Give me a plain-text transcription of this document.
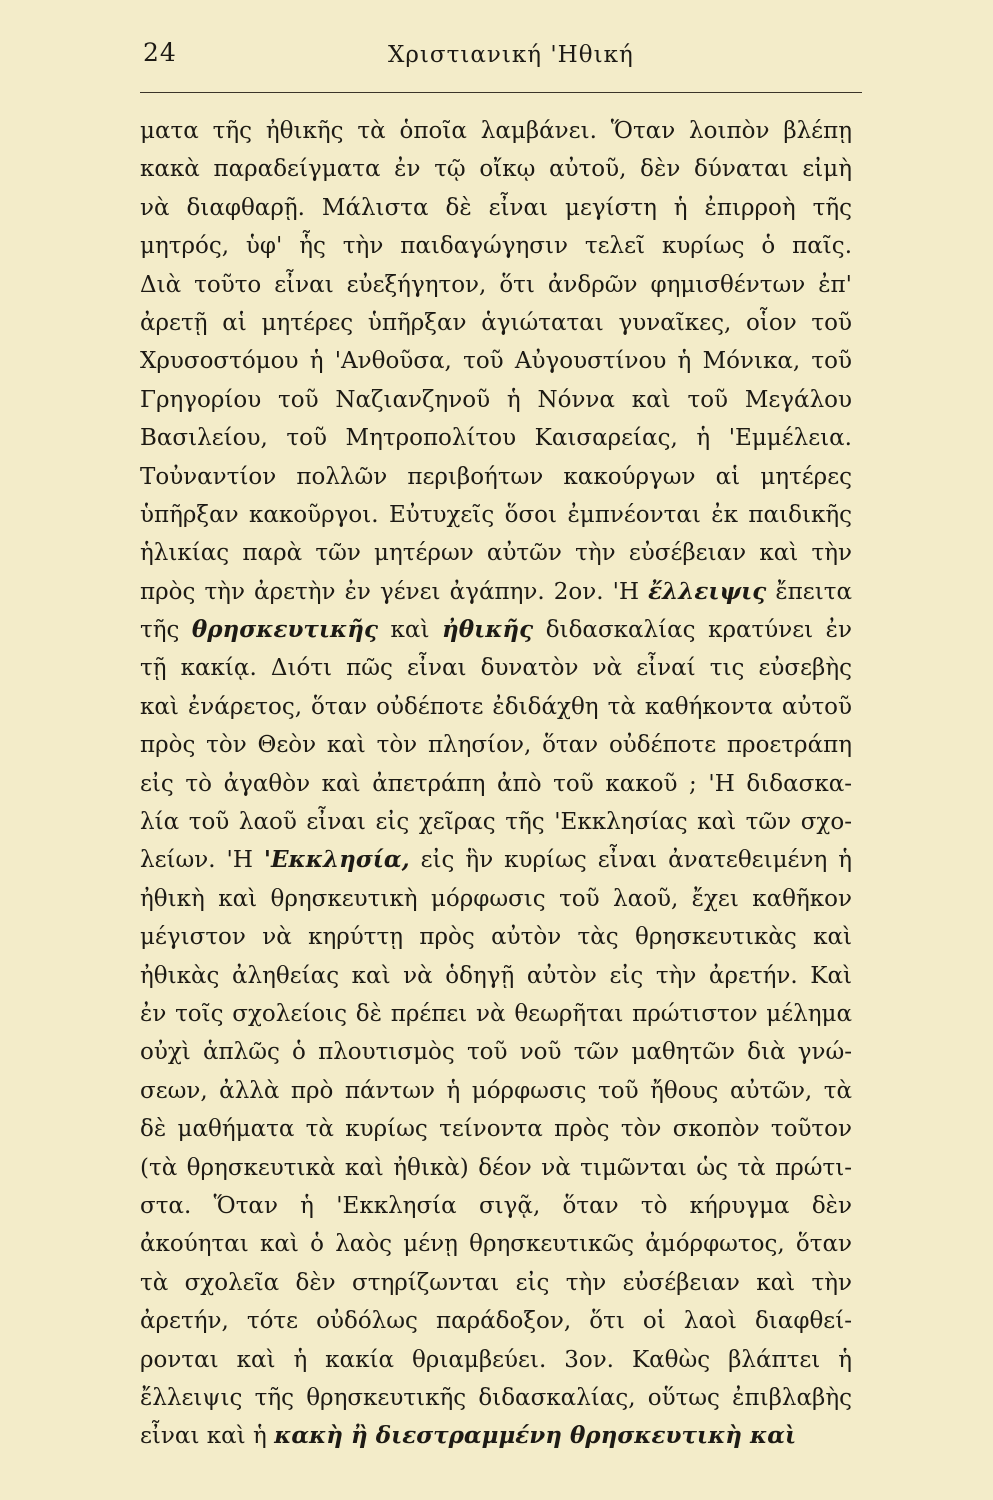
24	Χριστιανική 'Ηθική
ματα τῆς ἠθικῆς τὰ ὁποῖα λαμβάνει. Ὅταν λοιπὸν βλέπῃ
κακὰ παραδείγματα ἐν τῷ οἴκῳ αὐτοῦ, δὲν δύναται εἰμὴ
νὰ διαφθαρῇ. Μάλιστα δὲ εἶναι μεγίστη ἡ ἐπιρροὴ τῆς
μητρός, ὑφ' ἧς τὴν παιδαγώγησιν τελεῖ κυρίως ὁ παῖς.
Διὰ τοῦτο εἶναι εὐεξήγητον, ὅτι ἀνδρῶν φημισθέντων ἐπ'
ἀρετῇ αἱ μητέρες ὑπῆρξαν ἁγιώταται γυναῖκες, οἷον τοῦ
Χρυσοστόμου ἡ 'Ανθοῦσα, τοῦ Αὐγουστίνου ἡ Μόνικα, τοῦ
Γρηγορίου τοῦ Ναζιανζηνοῦ ἡ Νόννα καὶ τοῦ Μεγάλου
Βασιλείου, τοῦ Μητροπολίτου Καισαρείας, ἡ 'Εμμέλεια.
Τοὐναντίον πολλῶν περιβοήτων κακούργων αἱ μητέρες
ὑπῆρξαν κακοῦργοι. Εὐτυχεῖς ὅσοι ἐμπνέονται ἐκ παιδικῆς
ἡλικίας παρὰ τῶν μητέρων αὐτῶν τὴν εὐσέβειαν καὶ τὴν
πρὸς τὴν ἀρετὴν ἐν γένει ἀγάπην. 2ον. 'Η ἔλλειψις ἔπειτα
τῆς θρησκευτικῆς καὶ ἠθικῆς διδασκαλίας κρατύνει ἐν
τῇ κακίᾳ. Διότι πῶς εἶναι δυνατὸν νὰ εἶναί τις εὐσεβὴς
καὶ ἐνάρετος, ὅταν οὐδέποτε ἐδιδάχθη τὰ καθήκοντα αὐτοῦ
πρὸς τὸν Θεὸν καὶ τὸν πλησίον, ὅταν οὐδέποτε προετράπη
εἰς τὸ ἀγαθὸν καὶ ἀπετράπη ἀπὸ τοῦ κακοῦ ; 'Η διδασκα-
λία τοῦ λαοῦ εἶναι εἰς χεῖρας τῆς 'Εκκλησίας καὶ τῶν σχο-
λείων. 'Η 'Εκκλησία, εἰς ἣν κυρίως εἶναι ἀνατεθειμένη ἡ
ἠθικὴ καὶ θρησκευτικὴ μόρφωσις τοῦ λαοῦ, ἔχει καθῆκον
μέγιστον νὰ κηρύττῃ πρὸς αὐτὸν τὰς θρησκευτικὰς καὶ
ἠθικὰς ἀληθείας καὶ νὰ ὁδηγῇ αὐτὸν εἰς τὴν ἀρετήν. Καὶ
ἐν τοῖς σχολείοις δὲ πρέπει νὰ θεωρῆται πρώτιστον μέλημα
οὐχὶ ἁπλῶς ὁ πλουτισμὸς τοῦ νοῦ τῶν μαθητῶν διὰ γνώ-
σεων, ἀλλὰ πρὸ πάντων ἡ μόρφωσις τοῦ ἤθους αὐτῶν, τὰ
δὲ μαθήματα τὰ κυρίως τείνοντα πρὸς τὸν σκοπὸν τοῦτον
(τὰ θρησκευτικὰ καὶ ἠθικὰ) δέον νὰ τιμῶνται ὡς τὰ πρώτι-
στα. Ὅταν ἡ 'Εκκλησία σιγᾷ, ὅταν τὸ κήρυγμα δὲν
ἀκούηται καὶ ὁ λαὸς μένῃ θρησκευτικῶς ἀμόρφωτος, ὅταν
τὰ σχολεῖα δὲν στηρίζωνται εἰς τὴν εὐσέβειαν καὶ τὴν
ἀρετήν, τότε οὐδόλως παράδοξον, ὅτι οἱ λαοὶ διαφθεί-
ρονται καὶ ἡ κακία θριαμβεύει. 3ον. Καθὼς βλάπτει ἡ
ἔλλειψις τῆς θρησκευτικῆς διδασκαλίας, οὕτως ἐπιβλαβὴς
εἶναι καὶ ἡ κακὴ ἢ διεστραμμένη θρησκευτικὴ καὶ
